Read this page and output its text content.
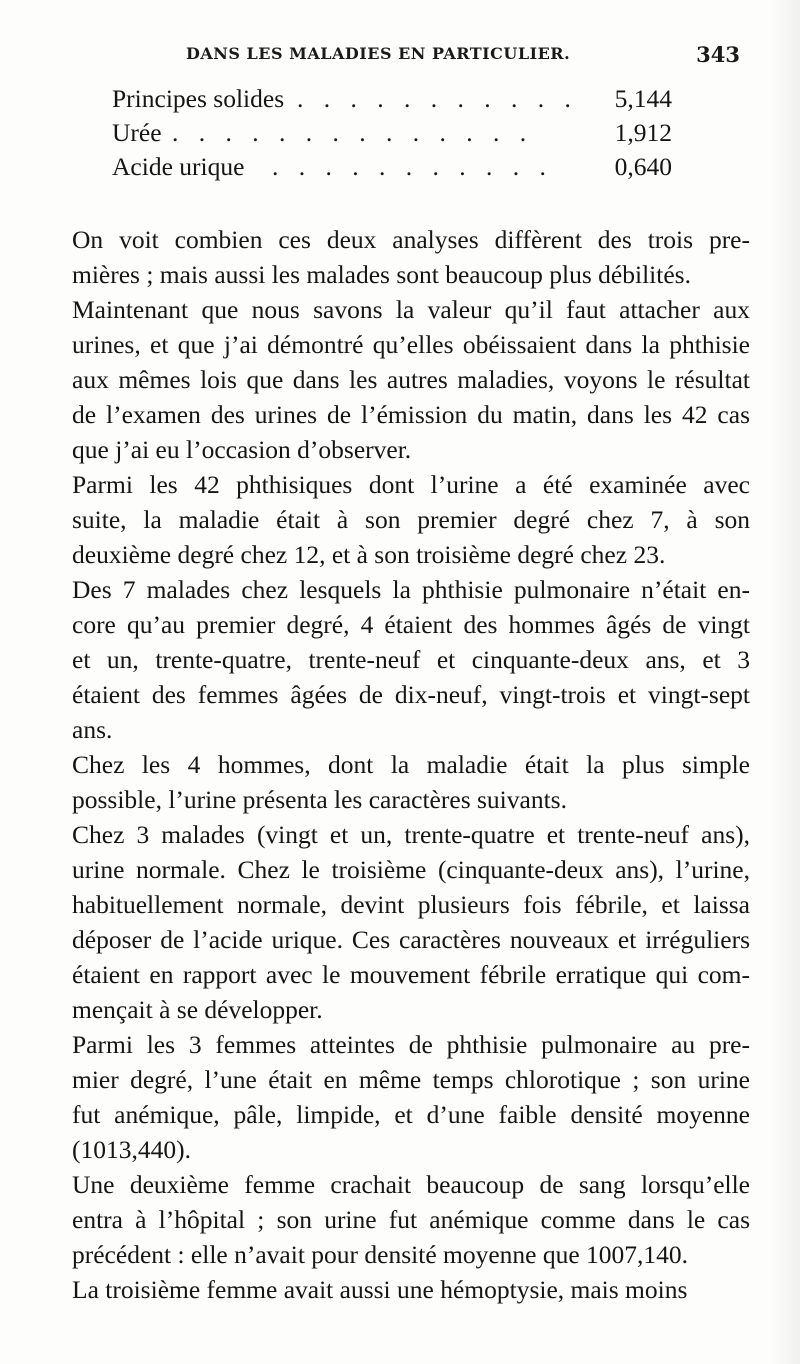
DANS LES MALADIES EN PARTICULIER.	343
Principes solides . . . . . . . . . . . 5,144
Urée . . . . . . . . . . . . . .	1,912
Acide urique . . . . . . . . . . . 0,640
On voit combien ces deux analyses diffèrent des trois pre-
mières ; mais aussi les malades sont beaucoup plus débilités.
Maintenant que nous savons la valeur qu’il faut attacher aux
urines, et que j’ai démontré qu’elles obéissaient dans la phthisie
aux mêmes lois que dans les autres maladies, voyons le résultat
de l’examen des urines de l’émission du matin, dans les 42 cas
que j’ai eu l’occasion d’observer.
Parmi les 42 phthisiques dont l’urine a été examinée avec
suite, la maladie était à son premier degré chez 7, à son
deuxième degré chez 12, et à son troisième degré chez 23.
Des 7 malades chez lesquels la phthisie pulmonaire n’était en-
core qu’au premier degré, 4 étaient des hommes âgés de vingt
et un, trente-quatre, trente-neuf et cinquante-deux ans, et 3
étaient des femmes âgées de dix-neuf, vingt-trois et vingt-sept
ans.
Chez les 4 hommes, dont la maladie était la plus simple
possible, l’urine présenta les caractères suivants.
Chez 3 malades (vingt et un, trente-quatre et trente-neuf ans),
urine normale. Chez le troisième (cinquante-deux ans), l’urine,
habituellement normale, devint plusieurs fois fébrile, et laissa
déposer de l’acide urique. Ces caractères nouveaux et irréguliers
étaient en rapport avec le mouvement fébrile erratique qui com-
mençait à se développer.
Parmi les 3 femmes atteintes de phthisie pulmonaire au pre-
mier degré, l’une était en même temps chlorotique ; son urine
fut anémique, pâle, limpide, et d’une faible densité moyenne
(1013,440).
Une deuxième femme crachait beaucoup de sang lorsqu’elle
entra à l’hôpital ; son urine fut anémique comme dans le cas
précédent : elle n’avait pour densité moyenne que 1007,140.
La troisième femme avait aussi une hémoptysie, mais moins
